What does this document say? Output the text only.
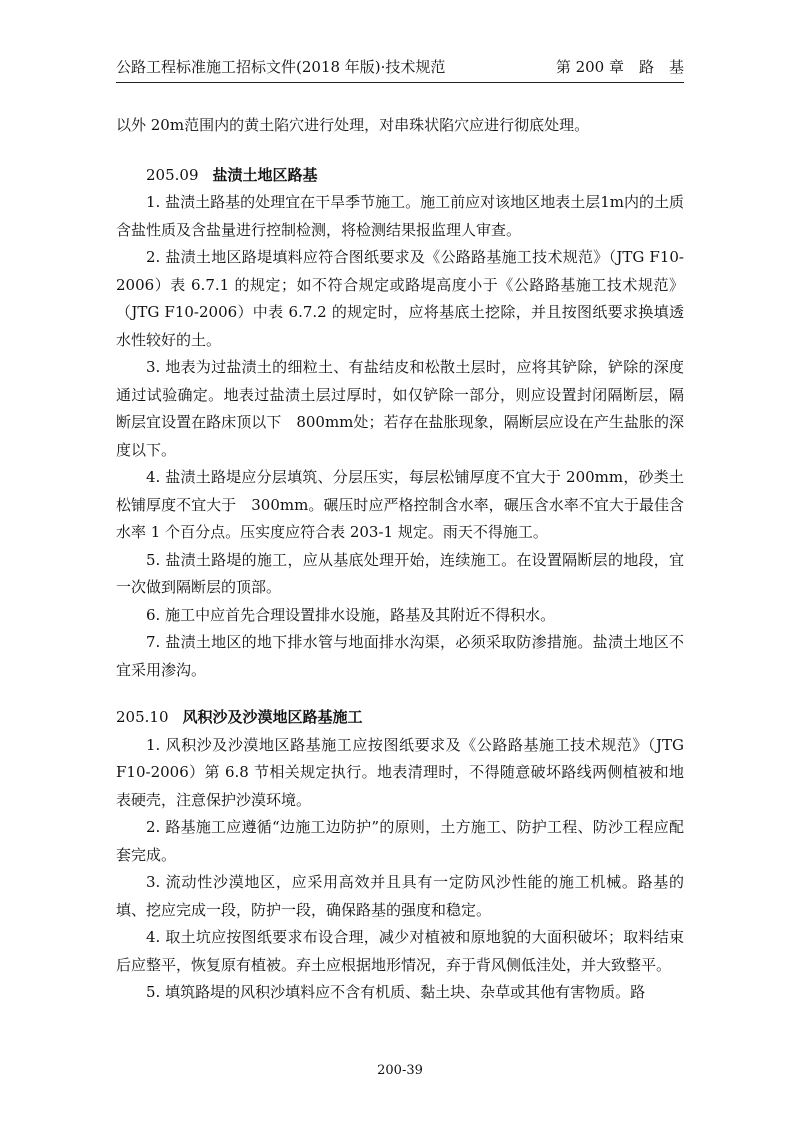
公路工程标准施工招标文件(2018 年版)·技术规范	第 200 章　路　基

以外 20m范围内的黄土陷穴进行处理，对串珠状陷穴应进行彻底处理。

205.09 盐渍土地区路基

1. 盐渍土路基的处理宜在干旱季节施工。施工前应对该地区地表土层1m内的土质含盐性质及含盐量进行控制检测，将检测结果报监理人审查。

2. 盐渍土地区路堤填料应符合图纸要求及《公路路基施工技术规范》（JTG F10-2006）表 6.7.1 的规定；如不符合规定或路堤高度小于《公路路基施工技术规范》（JTG F10-2006）中表 6.7.2 的规定时，应将基底土挖除，并且按图纸要求换填透水性较好的土。

3. 地表为过盐渍土的细粒土、有盐结皮和松散土层时，应将其铲除，铲除的深度通过试验确定。地表过盐渍土层过厚时，如仅铲除一部分，则应设置封闭隔断层，隔断层宜设置在路床顶以下　800mm处；若存在盐胀现象，隔断层应设在产生盐胀的深度以下。

4. 盐渍土路堤应分层填筑、分层压实，每层松铺厚度不宜大于 200mm，砂类土松铺厚度不宜大于　300mm。碾压时应严格控制含水率，碾压含水率不宜大于最佳含水率 1 个百分点。压实度应符合表 203-1 规定。雨天不得施工。

5. 盐渍土路堤的施工，应从基底处理开始，连续施工。在设置隔断层的地段，宜一次做到隔断层的顶部。

6. 施工中应首先合理设置排水设施，路基及其附近不得积水。

7. 盐渍土地区的地下排水管与地面排水沟渠，必须采取防渗措施。盐渍土地区不宜采用渗沟。

205.10 风积沙及沙漠地区路基施工

1. 风积沙及沙漠地区路基施工应按图纸要求及《公路路基施工技术规范》（JTG F10-2006）第 6.8 节相关规定执行。地表清理时，不得随意破坏路线两侧植被和地表硬壳，注意保护沙漠环境。

2. 路基施工应遵循“边施工边防护”的原则，土方施工、防护工程、防沙工程应配套完成。

3. 流动性沙漠地区，应采用高效并且具有一定防风沙性能的施工机械。路基的填、挖应完成一段，防护一段，确保路基的强度和稳定。

4. 取土坑应按图纸要求布设合理，减少对植被和原地貌的大面积破坏；取料结束后应整平，恢复原有植被。弃土应根据地形情况，弃于背风侧低洼处，并大致整平。

5. 填筑路堤的风积沙填料应不含有机质、黏土块、杂草或其他有害物质。路

200-39
